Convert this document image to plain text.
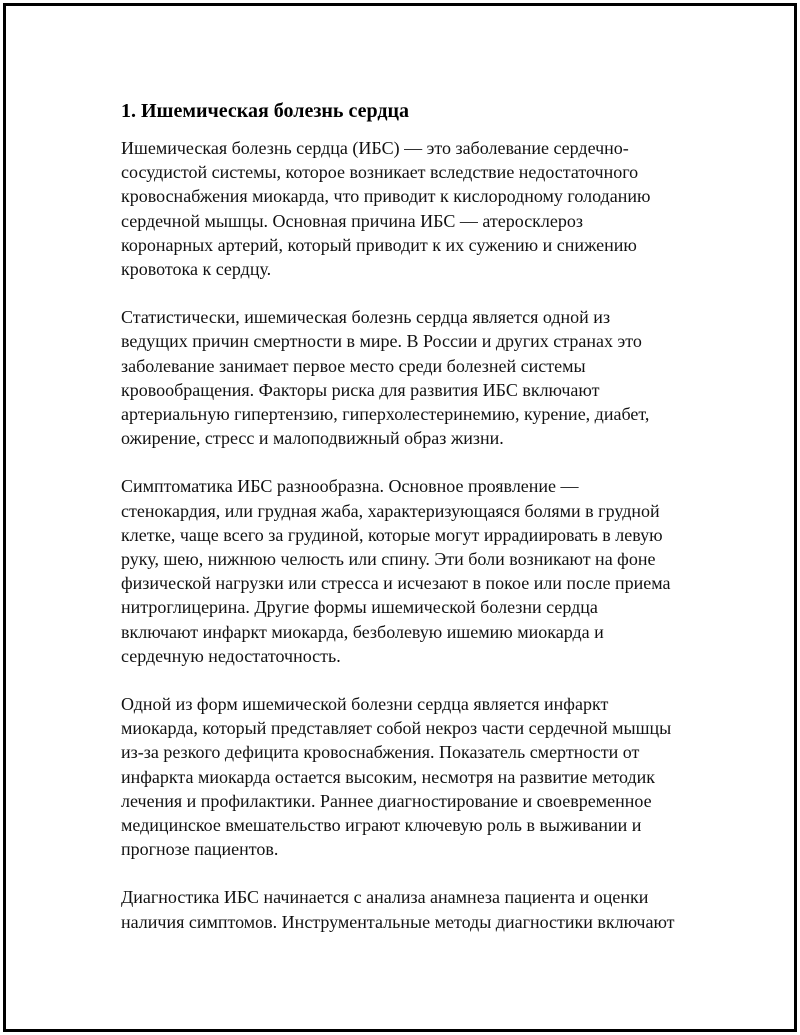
1. Ишемическая болезнь сердца

Ишемическая болезнь сердца (ИБС) — это заболевание сердечно-
сосудистой системы, которое возникает вследствие недостаточного
кровоснабжения миокарда, что приводит к кислородному голоданию
сердечной мышцы. Основная причина ИБС — атеросклероз
коронарных артерий, который приводит к их сужению и снижению
кровотока к сердцу.

Статистически, ишемическая болезнь сердца является одной из
ведущих причин смертности в мире. В России и других странах это
заболевание занимает первое место среди болезней системы
кровообращения. Факторы риска для развития ИБС включают
артериальную гипертензию, гиперхолестеринемию, курение, диабет,
ожирение, стресс и малоподвижный образ жизни.

Симптоматика ИБС разнообразна. Основное проявление —
стенокардия, или грудная жаба, характеризующаяся болями в грудной
клетке, чаще всего за грудиной, которые могут иррадиировать в левую
руку, шею, нижнюю челюсть или спину. Эти боли возникают на фоне
физической нагрузки или стресса и исчезают в покое или после приема
нитроглицерина. Другие формы ишемической болезни сердца
включают инфаркт миокарда, безболевую ишемию миокарда и
сердечную недостаточность.

Одной из форм ишемической болезни сердца является инфаркт
миокарда, который представляет собой некроз части сердечной мышцы
из-за резкого дефицита кровоснабжения. Показатель смертности от
инфаркта миокарда остается высоким, несмотря на развитие методик
лечения и профилактики. Раннее диагностирование и своевременное
медицинское вмешательство играют ключевую роль в выживании и
прогнозе пациентов.

Диагностика ИБС начинается с анализа анамнеза пациента и оценки
наличия симптомов. Инструментальные методы диагностики включают
